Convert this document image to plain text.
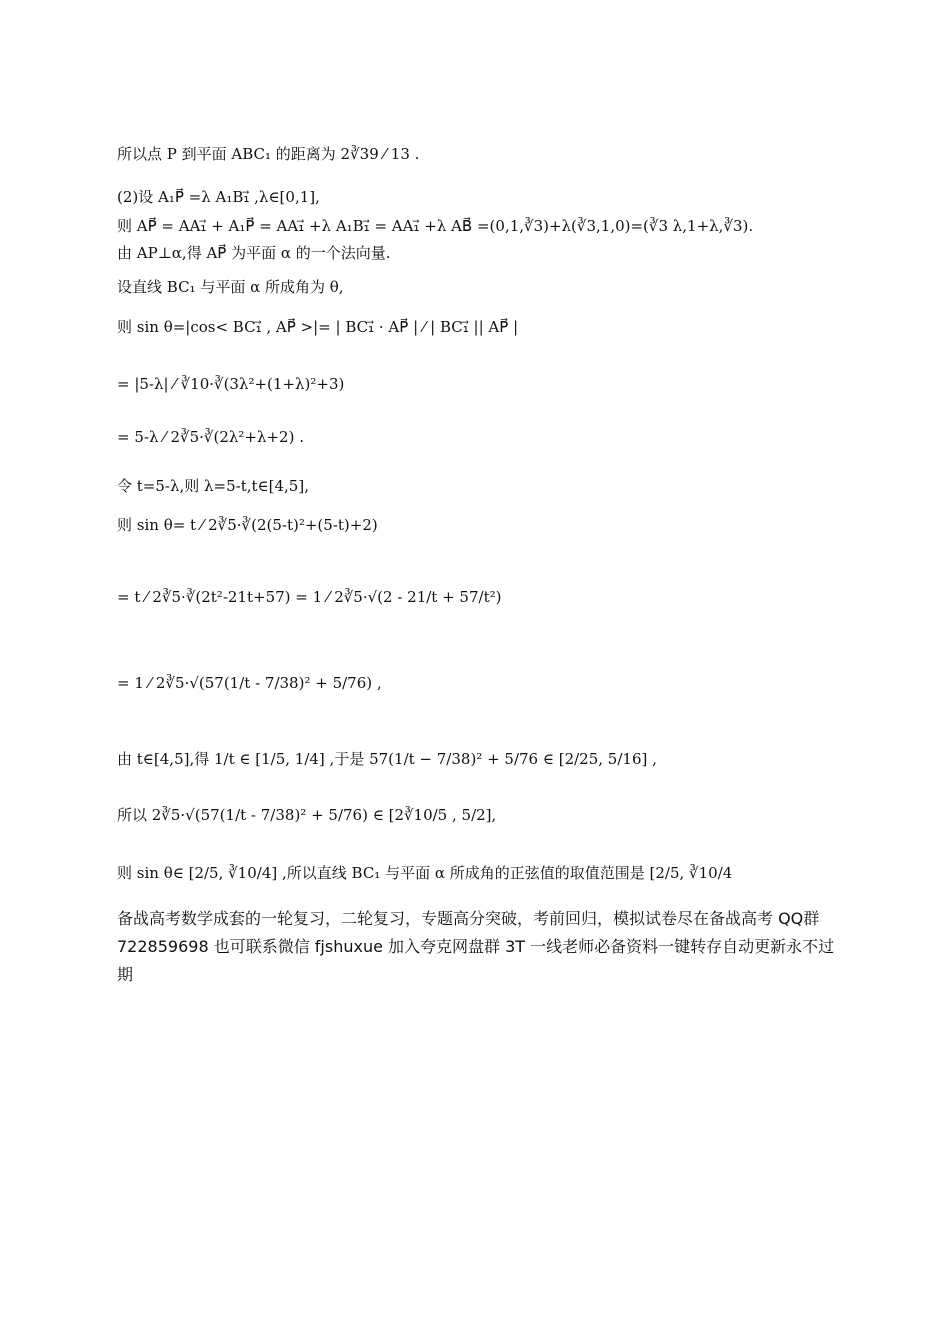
所以点 P 到平面 ABC₁ 的距离为 2∛39 ⁄ 13 .
(2)设 A₁P⃗ =λ A₁B₁⃗ ,λ∈[0,1],
则 AP⃗ = AA₁⃗ + A₁P⃗ = AA₁⃗ +λ A₁B₁⃗ = AA₁⃗ +λ AB⃗ =(0,1,∛3)+λ(∛3,1,0)=(∛3 λ,1+λ,∛3).
由 AP⊥α,得 AP⃗ 为平面 α 的一个法向量.
设直线 BC₁ 与平面 α 所成角为 θ,
则 sin θ=|cos< BC₁⃗ , AP⃗ >|= | BC₁⃗ · AP⃗ | ⁄ | BC₁⃗ || AP⃗ |
= |5-λ| ⁄ ∛10·∛(3λ²+(1+λ)²+3)
= 5-λ ⁄ 2∛5·∛(2λ²+λ+2) .
令 t=5-λ,则 λ=5-t,t∈[4,5],
则 sin θ= t ⁄ 2∛5·∛(2(5-t)²+(5-t)+2)
= t ⁄ 2∛5·∛(2t²-21t+57) = 1 ⁄ 2∛5·√(2 - 21/t + 57/t²)
= 1 ⁄ 2∛5·√(57(1/t - 7/38)² + 5/76) ,
由 t∈[4,5],得 1/t ∈ [1/5, 1/4] ,于是 57(1/t − 7/38)² + 5/76 ∈ [2/25, 5/16] ,
所以 2∛5·√(57(1/t - 7/38)² + 5/76) ∈ [2∛10/5 , 5/2],
则 sin θ∈ [2/5, ∛10/4] ,所以直线 BC₁ 与平面 α 所成角的正弦值的取值范围是 [2/5, ∛10/4
备战高考数学成套的一轮复习，二轮复习，专题高分突破，考前回归，模拟试卷尽在备战高考 QQ群 722859698 也可联系微信 fjshuxue 加入夸克网盘群 3T 一线老师必备资料一键转存自动更新永不过期
